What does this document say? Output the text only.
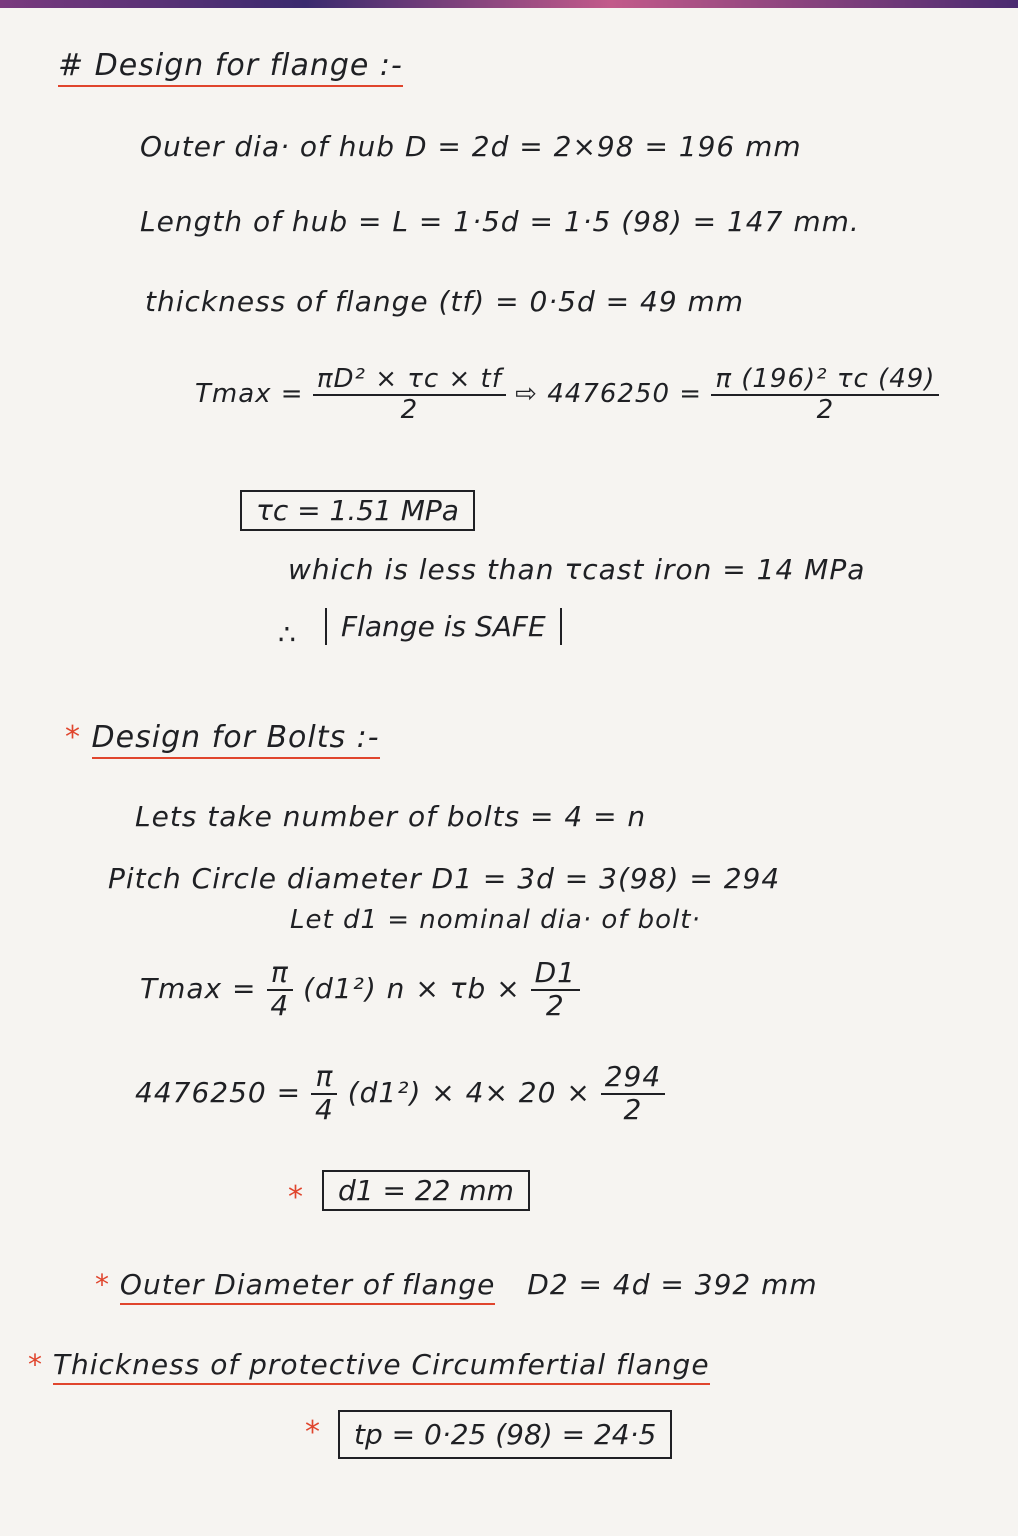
# Design for flange :-
Outer dia· of hub D = 2d = 2×98 = 196 mm
Length of hub = L = 1·5d = 1·5 (98) = 147 mm.
thickness of flange (tf) = 0·5d = 49 mm
$Tmax = \frac{\text{πD² × τc × tf}}{2}$ ⇨ $4476250 = \frac{\text{π (196)² τc (49)}}{2}$
τc = 1.51 MPa
which is less than τcast iron = 14 MPa
∴	Flange is SAFE
* Design for Bolts :-
Lets take number of bolts = 4 = n
Pitch Circle diameter D1 = 3d = 3(98) = 294
Let d1 = nominal dia· of bolt·
$Tmax = \frac{\pi}{4} (d1^2) n \times \tau b \times \frac{D1}{2}$
$4476250 = \frac{\pi}{4} (d1^2) \times 4\times 20 \times \frac{294}{2}$
*	d1 = 22 mm
* Outer Diameter of flange D2 = 4d = 392 mm
* Thickness of protective Circumfertial flange
*	tp = 0·25 (98) = 24·5
